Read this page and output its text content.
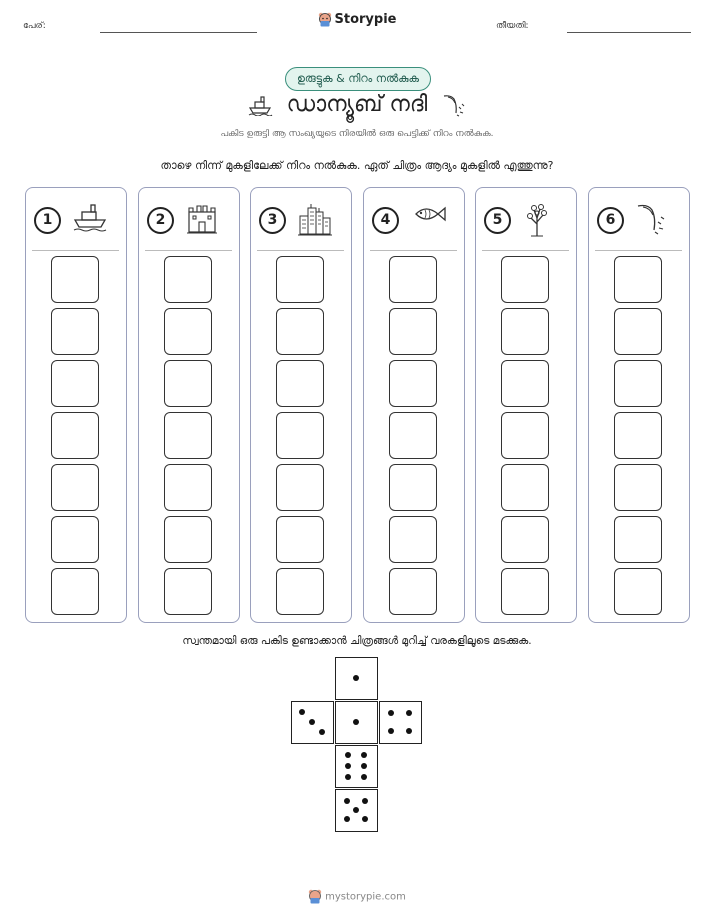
പേര്:	Storypie	തീയതി:
ഉരുട്ടുക & നിറം നൽകുക
ഡാന്യൂബ് നദി
പകിട ഉരുട്ടി ആ സംഖ്യയുടെ നിരയിൽ ഒരു പെട്ടിക്ക് നിറം നൽകുക.
താഴെ നിന്ന് മുകളിലേക്ക് നിറം നൽകുക. ഏത് ചിത്രം ആദ്യം മുകളിൽ എത്തുന്നു?
1	2	3	4	5	6
സ്വന്തമായി ഒരു പകിട ഉണ്ടാക്കാൻ ചിത്രങ്ങൾ മുറിച്ച് വരകളിലൂടെ മടക്കുക.
mystorypie.com
